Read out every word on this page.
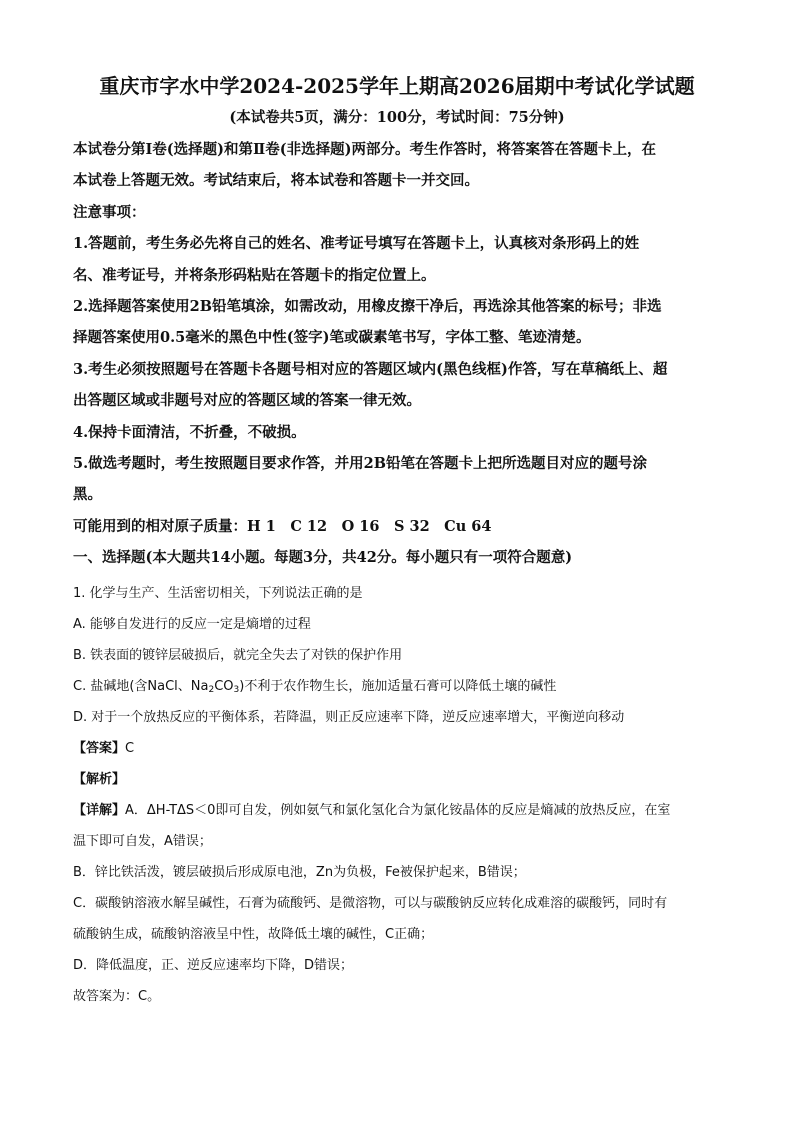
重庆市字水中学2024-2025学年上期高2026届期中考试化学试题
(本试卷共5页，满分：100分，考试时间：75分钟)
本试卷分第Ⅰ卷(选择题)和第Ⅱ卷(非选择题)两部分。考生作答时，将答案答在答题卡上，在
本试卷上答题无效。考试结束后，将本试卷和答题卡一并交回。
注意事项：
1.答题前，考生务必先将自己的姓名、准考证号填写在答题卡上，认真核对条形码上的姓
名、准考证号，并将条形码粘贴在答题卡的指定位置上。
2.选择题答案使用2B铅笔填涂，如需改动，用橡皮擦干净后，再选涂其他答案的标号；非选
择题答案使用0.5毫米的黑色中性(签字)笔或碳素笔书写，字体工整、笔迹清楚。
3.考生必须按照题号在答题卡各题号相对应的答题区域内(黑色线框)作答，写在草稿纸上、超
出答题区域或非题号对应的答题区域的答案一律无效。
4.保持卡面清洁，不折叠，不破损。
5.做选考题时，考生按照题目要求作答，并用2B铅笔在答题卡上把所选题目对应的题号涂
黑。
可能用到的相对原子质量：H 1　C 12　O 16　S 32　Cu 64
一、选择题(本大题共14小题。每题3分，共42分。每小题只有一项符合题意)
1. 化学与生产、生活密切相关，下列说法正确的是
A. 能够自发进行的反应一定是熵增的过程
B. 铁表面的镀锌层破损后，就完全失去了对铁的保护作用
C. 盐碱地(含NaCl、$Na_2CO_3$)不利于农作物生长，施加适量石膏可以降低土壤的碱性
D. 对于一个放热反应的平衡体系，若降温，则正反应速率下降，逆反应速率增大，平衡逆向移动
【答案】C
【解析】
【详解】A．ΔH-TΔS＜0即可自发，例如氨气和氯化氢化合为氯化铵晶体的反应是熵减的放热反应，在室
温下即可自发，A错误；
B．锌比铁活泼，镀层破损后形成原电池，Zn为负极，Fe被保护起来，B错误；
C．碳酸钠溶液水解呈碱性，石膏为硫酸钙、是微溶物，可以与碳酸钠反应转化成难溶的碳酸钙，同时有
硫酸钠生成，硫酸钠溶液呈中性，故降低土壤的碱性，C正确；
D．降低温度，正、逆反应速率均下降，D错误；
故答案为：C。
